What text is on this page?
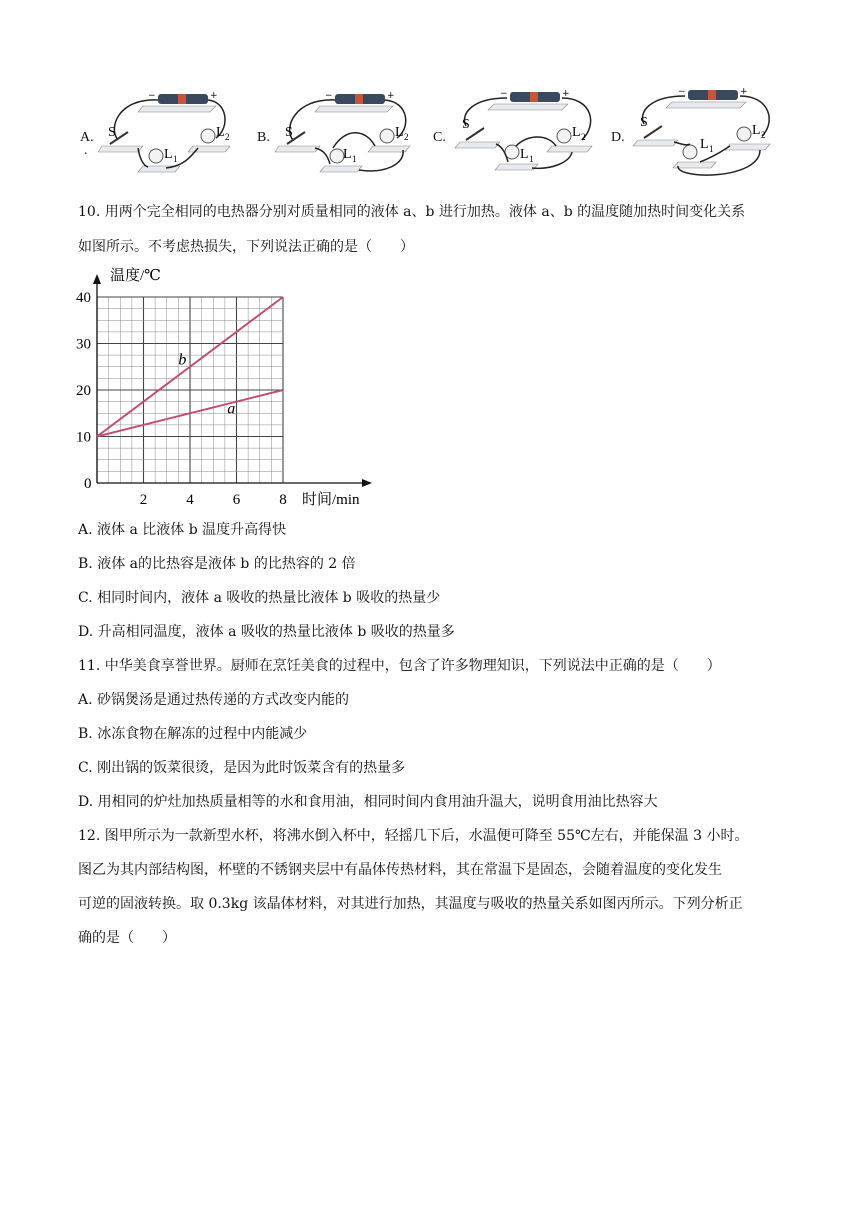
A.
.
B.	C.	D.
−	+
S
L 1
L 2
−	+
S
L 1
L 2
−	+
S
L 1
L 2
−	+
S
L 1
L 2
10. 用两个完全相同的电热器分别对质量相同的液体 a、b 进行加热。液体 a、b 的温度随加热时间变化关系
如图所示。不考虑热损失，下列说法正确的是（　　）
2	4	6	8
10
20
30
40
a
b
温度/℃
时间/min
0
A. 液体 a 比液体 b 温度升高得快
B. 液体 a的比热容是液体 b 的比热容的 2 倍
C. 相同时间内，液体 a 吸收的热量比液体 b 吸收的热量少
D. 升高相同温度，液体 a 吸收的热量比液体 b 吸收的热量多
11. 中华美食享誉世界。厨师在烹饪美食的过程中，包含了许多物理知识，下列说法中正确的是（　　）
A. 砂锅煲汤是通过热传递的方式改变内能的
B. 冰冻食物在解冻的过程中内能减少
C. 刚出锅的饭菜很烫，是因为此时饭菜含有的热量多
D. 用相同的炉灶加热质量相等的水和食用油，相同时间内食用油升温大，说明食用油比热容大
12. 图甲所示为一款新型水杯，将沸水倒入杯中，轻摇几下后，水温便可降至 55℃左右，并能保温 3 小时。
图乙为其内部结构图，杯壁的不锈钢夹层中有晶体传热材料，其在常温下是固态，会随着温度的变化发生
可逆的固液转换。取 0.3kg 该晶体材料，对其进行加热，其温度与吸收的热量关系如图丙所示。下列分析正
确的是（　　）
